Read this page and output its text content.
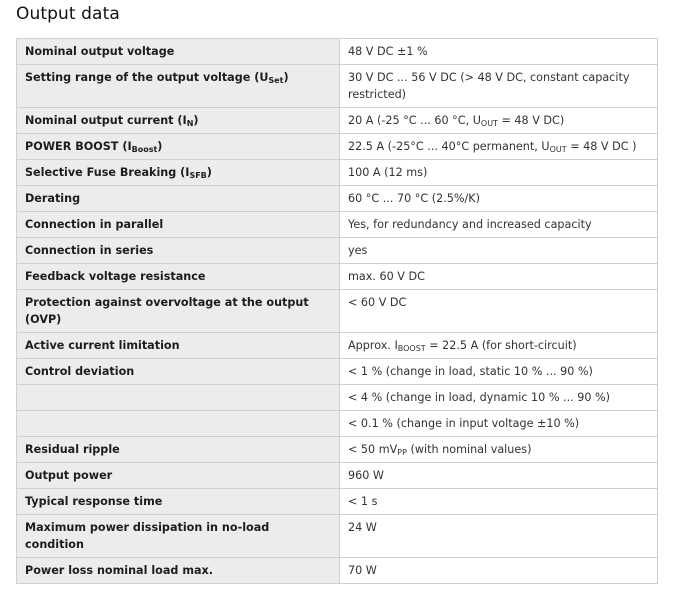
Output data
Nominal output voltage	48 V DC ±1 %
Setting range of the output voltage $(U_{Set})$	30 V DC ... 56 V DC (> 48 V DC, constant capacity restricted)
Nominal output current $(I_N)$	20 A (-25 °C ... 60 °C, $U_{OUT} = 48$ V DC)
POWER BOOST $(I_{Boost})$	22.5 A (-25°C ... 40°C permanent, $U_{OUT} = 48$ V DC )
Selective Fuse Breaking $(I_{SFB})$	100 A (12 ms)
Derating	60 °C ... 70 °C (2.5%/K)
Connection in parallel	Yes, for redundancy and increased capacity
Connection in series	yes
Feedback voltage resistance	max. 60 V DC
Protection against overvoltage at the output (OVP)	< 60 V DC
Active current limitation	Approx. $I_{BOOST} = 22.5$ A (for short-circuit)
Control deviation	< 1 % (change in load, static 10 % ... 90 %)
	< 4 % (change in load, dynamic 10 % ... 90 %)
	< 0.1 % (change in input voltage ±10 %)
Residual ripple	< 50 $mV_{PP}$ (with nominal values)
Output power	960 W
Typical response time	< 1 s
Maximum power dissipation in no-load condition	24 W
Power loss nominal load max.	70 W
